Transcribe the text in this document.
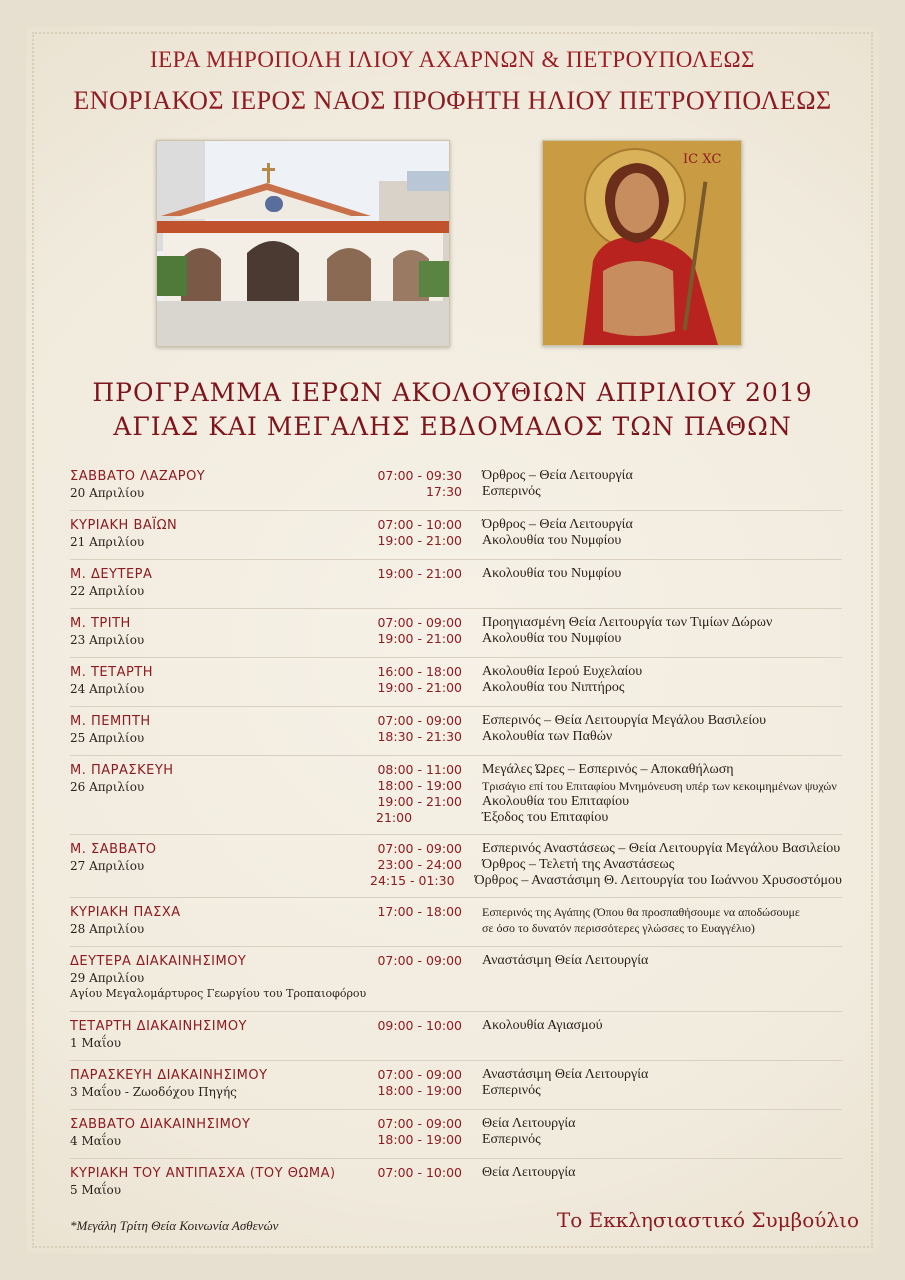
ΙΕΡΑ ΜΗΡΟΠΟΛΗ ΙΛΙΟΥ ΑΧΑΡΝΩΝ & ΠΕΤΡΟΥΠΟΛΕΩΣ
ΕΝΟΡΙΑΚΟΣ ΙΕΡΟΣ ΝΑΟΣ ΠΡΟΦΗΤΗ ΗΛΙΟΥ ΠΕΤΡΟΥΠΟΛΕΩΣ
ΙC ΧC
ΠΡΟΓΡΑΜΜΑ ΙΕΡΩΝ ΑΚΟΛΟΥΘΙΩΝ ΑΠΡΙΛΙΟΥ 2019
ΑΓΙΑΣ ΚΑΙ ΜΕΓΑΛΗΣ ΕΒΔΟΜΑΔΟΣ ΤΩΝ ΠΑΘΩΝ
ΣΑΒΒΑΤΟ ΛΑΖΑΡΟΥ
20 Απριλίου
07:00 - 09:30 Όρθρος – Θεία Λειτουργία
17:30 Εσπερινός
ΚΥΡΙΑΚΗ ΒΑΪΩΝ
21 Απριλίου
07:00 - 10:00 Όρθρος – Θεία Λειτουργία
19:00 - 21:00 Ακολουθία του Νυμφίου
Μ. ΔΕΥΤΕΡΑ
22 Απριλίου
19:00 - 21:00 Ακολουθία του Νυμφίου
Μ. ΤΡΙΤΗ
23 Απριλίου
07:00 - 09:00 Προηγιασμένη Θεία Λειτουργία των Τιμίων Δώρων
19:00 - 21:00 Ακολουθία του Νυμφίου
Μ. ΤΕΤΑΡΤΗ
24 Απριλίου
16:00 - 18:00 Ακολουθία Ιερού Ευχελαίου
19:00 - 21:00 Ακολουθία του Νιπτήρος
Μ. ΠΕΜΠΤΗ
25 Απριλίου
07:00 - 09:00 Εσπερινός – Θεία Λειτουργία Μεγάλου Βασιλείου
18:30 - 21:30 Ακολουθία των Παθών
Μ. ΠΑΡΑΣΚΕΥΗ
26 Απριλίου
08:00 - 11:00 Μεγάλες Ώρες – Εσπερινός – Αποκαθήλωση
18:00 - 19:00 Τρισάγιο επί του Επιταφίου Μνημόνευση υπέρ των κεκοιμημένων ψυχών
19:00 - 21:00 Ακολουθία του Επιταφίου
21:00	Έξοδος του Επιταφίου
Μ. ΣΑΒΒΑΤΟ
27 Απριλίου
07:00 - 09:00 Εσπερινός Αναστάσεως – Θεία Λειτουργία Μεγάλου Βασιλείου
23:00 - 24:00 Όρθρος – Τελετή της Αναστάσεως
24:15 - 01:30 Όρθρος – Αναστάσιμη Θ. Λειτουργία του Ιωάννου Χρυσοστόμου
ΚΥΡΙΑΚΗ ΠΑΣΧΑ
28 Απριλίου
17:00 - 18:00 Εσπερινός της Αγάπης (Όπου θα προσπαθήσουμε να αποδώσουμε
σε όσο το δυνατόν περισσότερες γλώσσες το Ευαγγέλιο)
ΔΕΥΤΕΡΑ ΔΙΑΚΑΙΝΗΣΙΜΟΥ
29 Απριλίου
Αγίου Μεγαλομάρτυρος Γεωργίου του Τροπαιοφόρου
07:00 - 09:00 Αναστάσιμη Θεία Λειτουργία
ΤΕΤΑΡΤΗ ΔΙΑΚΑΙΝΗΣΙΜΟΥ
1 Μαΐου
09:00 - 10:00 Ακολουθία Αγιασμού
ΠΑΡΑΣΚΕΥΗ ΔΙΑΚΑΙΝΗΣΙΜΟΥ
3 Μαΐου - Ζωοδόχου Πηγής
07:00 - 09:00 Αναστάσιμη Θεία Λειτουργία
18:00 - 19:00 Εσπερινός
ΣΑΒΒΑΤΟ ΔΙΑΚΑΙΝΗΣΙΜΟΥ
4 Μαΐου
07:00 - 09:00 Θεία Λειτουργία
18:00 - 19:00 Εσπερινός
ΚΥΡΙΑΚΗ ΤΟΥ ΑΝΤΙΠΑΣΧΑ (ΤΟΥ ΘΩΜΑ)
5 Μαΐου
07:00 - 10:00 Θεία Λειτουργία
*Μεγάλη Τρίτη Θεία Κοινωνία Ασθενών	Το Εκκλησιαστικό Συμβούλιο
